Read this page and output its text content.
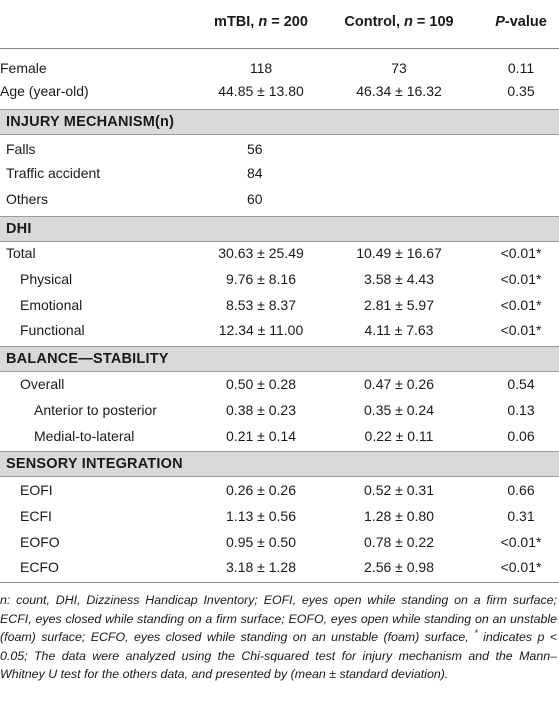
mTBI, n = 200	Control, n = 109	P-value
Female	118	73	0.11
Age (year-old)	44.85 ± 13.80	46.34 ± 16.32	0.35
INJURY MECHANISM(n)
Falls	56
Traffic accident	84
Others	60
DHI
Total	30.63 ± 25.49	10.49 ± 16.67	<0.01*
Physical	9.76 ± 8.16	3.58 ± 4.43	<0.01*
Emotional	8.53 ± 8.37	2.81 ± 5.97	<0.01*
Functional	12.34 ± 11.00	4.11 ± 7.63	<0.01*
BALANCE—STABILITY
Overall	0.50 ± 0.28	0.47 ± 0.26	0.54
Anterior to posterior	0.38 ± 0.23	0.35 ± 0.24	0.13
Medial-to-lateral	0.21 ± 0.14	0.22 ± 0.11	0.06
SENSORY INTEGRATION
EOFI	0.26 ± 0.26	0.52 ± 0.31	0.66
ECFI	1.13 ± 0.56	1.28 ± 0.80	0.31
EOFO	0.95 ± 0.50	0.78 ± 0.22	<0.01*
ECFO	3.18 ± 1.28	2.56 ± 0.98	<0.01*
n: count, DHI, Dizziness Handicap Inventory; EOFI, eyes open while standing on a firm surface; ECFI, eyes closed while standing on a firm surface; EOFO, eyes open while standing on an unstable (foam) surface; ECFO, eyes closed while standing on an unstable (foam) surface, * indicates p < 0.05; The data were analyzed using the Chi-squared test for injury mechanism and the Mann–Whitney U test for the others data, and presented by (mean ± standard deviation).
